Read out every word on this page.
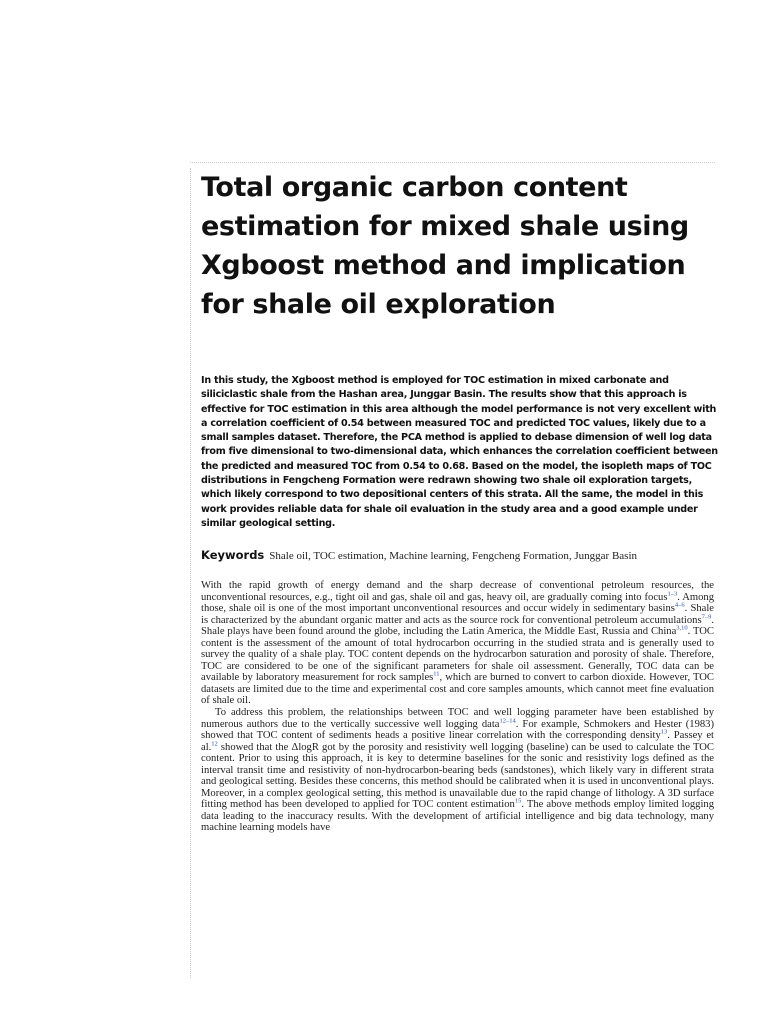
Total organic carbon content estimation for mixed shale using Xgboost method and implication for shale oil exploration

In this study, the Xgboost method is employed for TOC estimation in mixed carbonate and siliciclastic shale from the Hashan area, Junggar Basin. The results show that this approach is effective for TOC estimation in this area although the model performance is not very excellent with a correlation coefficient of 0.54 between measured TOC and predicted TOC values, likely due to a small samples dataset. Therefore, the PCA method is applied to debase dimension of well log data from five dimensional to two-dimensional data, which enhances the correlation coefficient between the predicted and measured TOC from 0.54 to 0.68. Based on the model, the isopleth maps of TOC distributions in Fengcheng Formation were redrawn showing two shale oil exploration targets, which likely correspond to two depositional centers of this strata. All the same, the model in this work provides reliable data for shale oil evaluation in the study area and a good example under similar geological setting.

Keywords Shale oil, TOC estimation, Machine learning, Fengcheng Formation, Junggar Basin

With the rapid growth of energy demand and the sharp decrease of conventional petroleum resources, the unconventional resources, e.g., tight oil and gas, shale oil and gas, heavy oil, are gradually coming into focus$^{1-3}$. Among those, shale oil is one of the most important unconventional resources and occur widely in sedimentary basins$^{4-6}$. Shale is characterized by the abundant organic matter and acts as the source rock for conventional petroleum accumulations$^{7-9}$. Shale plays have been found around the globe, including the Latin America, the Middle East, Russia and China$^{3,10}$. TOC content is the assessment of the amount of total hydrocarbon occurring in the studied strata and is generally used to survey the quality of a shale play. TOC content depends on the hydrocarbon saturation and porosity of shale. Therefore, TOC are considered to be one of the significant parameters for shale oil assessment. Generally, TOC data can be available by laboratory measurement for rock samples$^{11}$, which are burned to convert to carbon dioxide. However, TOC datasets are limited due to the time and experimental cost and core samples amounts, which cannot meet fine evaluation of shale oil.

To address this problem, the relationships between TOC and well logging parameter have been established by numerous authors due to the vertically successive well logging data$^{12-14}$. For example, Schmokers and Hester (1983) showed that TOC content of sediments heads a positive linear correlation with the corresponding density$^{13}$. Passey et al.$^{12}$ showed that the ΔlogR got by the porosity and resistivity well logging (baseline) can be used to calculate the TOC content. Prior to using this approach, it is key to determine baselines for the sonic and resistivity logs defined as the interval transit time and resistivity of non-hydrocarbon-bearing beds (sandstones), which likely vary in different strata and geological setting. Besides these concerns, this method should be calibrated when it is used in unconventional plays. Moreover, in a complex geological setting, this method is unavailable due to the rapid change of lithology. A 3D surface fitting method has been developed to applied for TOC content estimation$^{15}$. The above methods employ limited logging data leading to the inaccuracy results. With the development of artificial intelligence and big data technology, many machine learning models have
